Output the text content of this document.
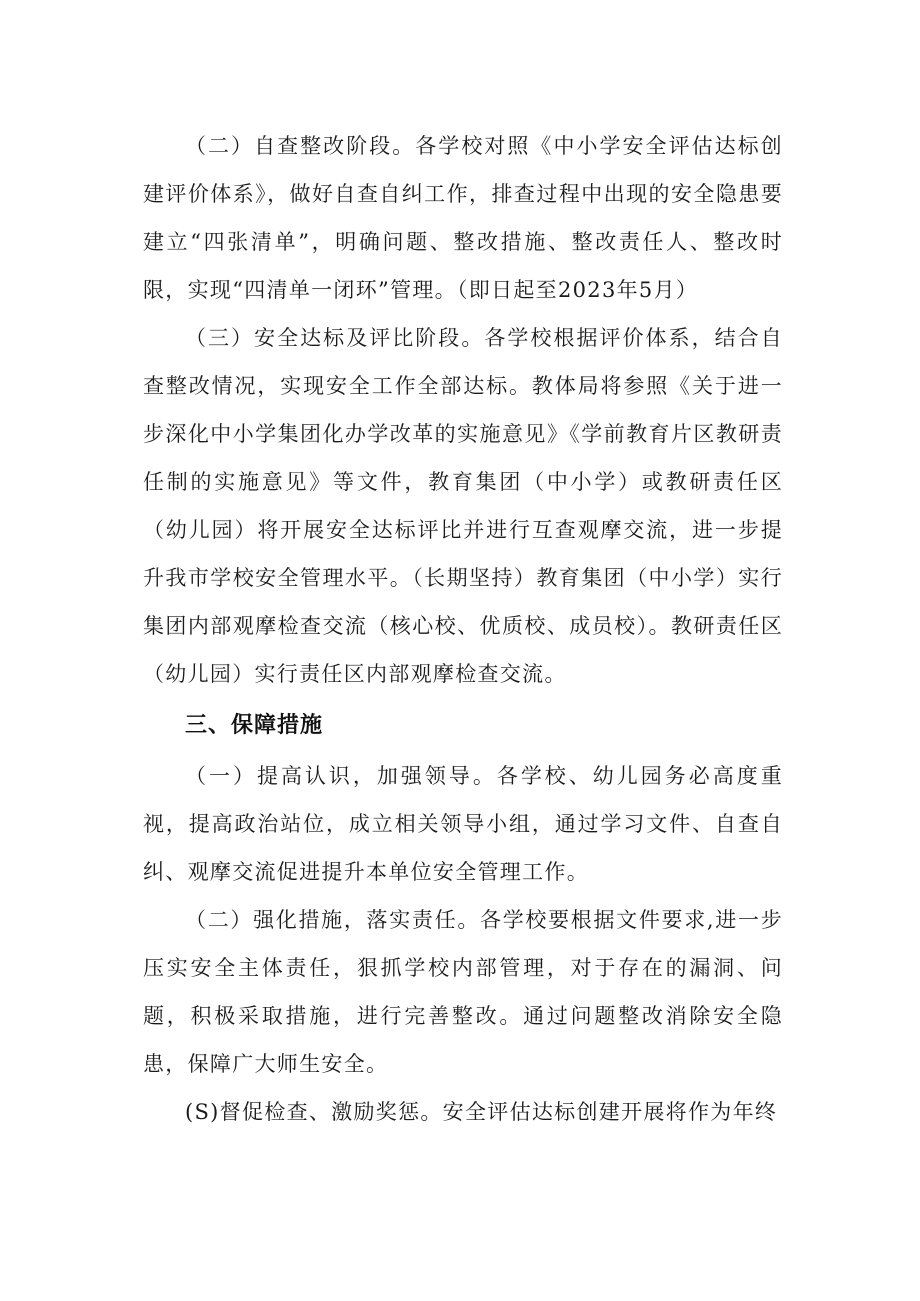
（二）自查整改阶段。各学校对照《中小学安全评估达标创建评价体系》，做好自查自纠工作，排查过程中出现的安全隐患要建立“四张清单”，明确问题、整改措施、整改责任人、整改时限，实现“四清单一闭环”管理。（即日起至2023年5月）

（三）安全达标及评比阶段。各学校根据评价体系，结合自查整改情况，实现安全工作全部达标。教体局将参照《关于进一步深化中小学集团化办学改革的实施意见》《学前教育片区教研责任制的实施意见》等文件，教育集团（中小学）或教研责任区（幼儿园）将开展安全达标评比并进行互查观摩交流，进一步提升我市学校安全管理水平。（长期坚持）教育集团（中小学）实行集团内部观摩检查交流（核心校、优质校、成员校）。教研责任区（幼儿园）实行责任区内部观摩检查交流。

三、保障措施

（一）提高认识，加强领导。各学校、幼儿园务必高度重视，提高政治站位，成立相关领导小组，通过学习文件、自查自纠、观摩交流促进提升本单位安全管理工作。

（二）强化措施，落实责任。各学校要根据文件要求,进一步压实安全主体责任，狠抓学校内部管理，对于存在的漏洞、问题，积极采取措施，进行完善整改。通过问题整改消除安全隐患，保障广大师生安全。

(S)督促检查、激励奖惩。安全评估达标创建开展将作为年终
